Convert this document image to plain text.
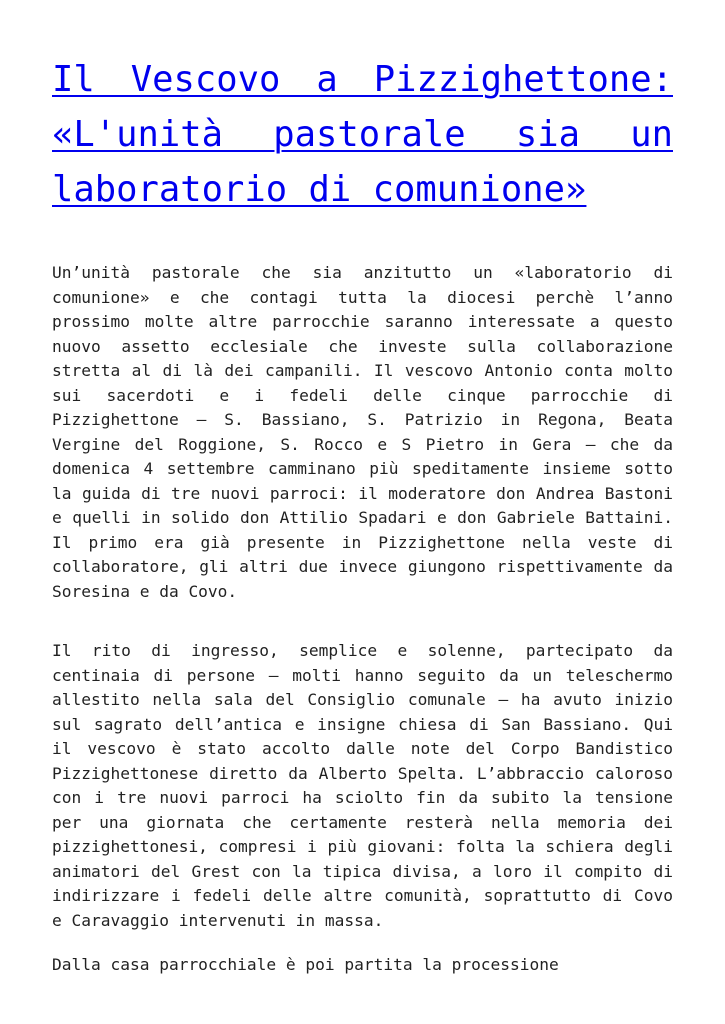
Il Vescovo a Pizzighettone: «L'unità pastorale sia un laboratorio di comunione»

Un’unità pastorale che sia anzitutto un «laboratorio di comunione» e che contagi tutta la diocesi perchè l’anno prossimo molte altre parrocchie saranno interessate a questo nuovo assetto ecclesiale che investe sulla collaborazione stretta al di là dei campanili. Il vescovo Antonio conta molto sui sacerdoti e i fedeli delle cinque parrocchie di Pizzighettone – S. Bassiano, S. Patrizio in Regona, Beata Vergine del Roggione, S. Rocco e S Pietro in Gera – che da domenica 4 settembre camminano più speditamente insieme sotto la guida di tre nuovi parroci: il moderatore don Andrea Bastoni e quelli in solido don Attilio Spadari e don Gabriele Battaini. Il primo era già presente in Pizzighettone nella veste di collaboratore, gli altri due invece giungono rispettivamente da Soresina e da Covo.

Il rito di ingresso, semplice e solenne, partecipato da centinaia di persone – molti hanno seguito da un teleschermo allestito nella sala del Consiglio comunale – ha avuto inizio sul sagrato dell’antica e insigne chiesa di San Bassiano. Qui il vescovo è stato accolto dalle note del Corpo Bandistico Pizzighettonese diretto da Alberto Spelta. L’abbraccio caloroso con i tre nuovi parroci ha sciolto fin da subito la tensione per una giornata che certamente resterà nella memoria dei pizzighettonesi, compresi i più giovani: folta la schiera degli animatori del Grest con la tipica divisa, a loro il compito di indirizzare i fedeli delle altre comunità, soprattutto di Covo e Caravaggio intervenuti in massa.

Dalla casa parrocchiale è poi partita la processione
